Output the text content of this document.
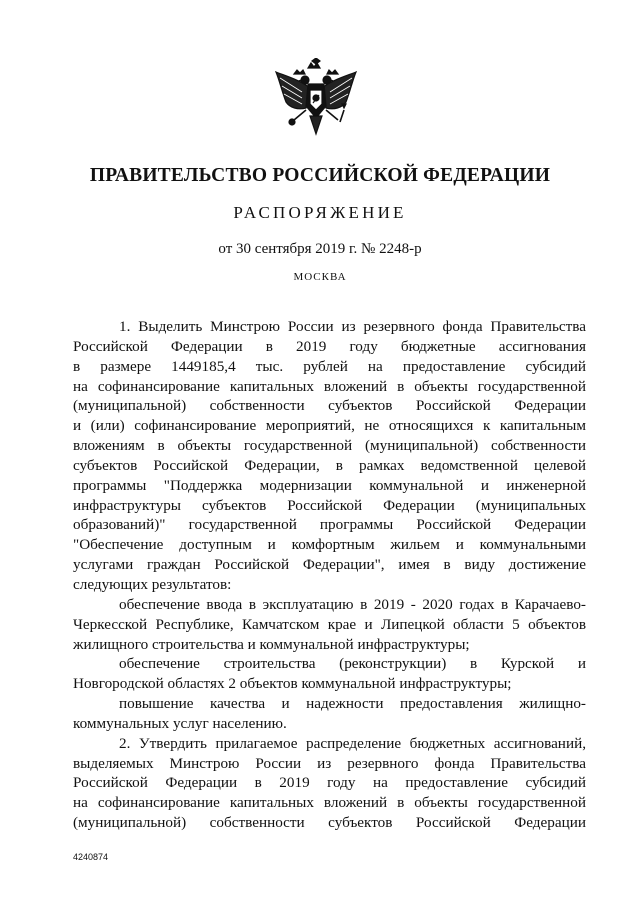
ПРАВИТЕЛЬСТВО РОССИЙСКОЙ ФЕДЕРАЦИИ
РАСПОРЯЖЕНИЕ
от 30 сентября 2019 г. № 2248-р
МОСКВА
1. Выделить Минстрою России из резервного фонда Правительства
Российской Федерации в 2019 году бюджетные ассигнования
в размере 1449185,4 тыс. рублей на предоставление субсидий
на софинансирование капитальных вложений в объекты государственной
(муниципальной) собственности субъектов Российской Федерации
и (или) софинансирование мероприятий, не относящихся к капитальным
вложениям в объекты государственной (муниципальной) собственности
субъектов Российской Федерации, в рамках ведомственной целевой
программы "Поддержка модернизации коммунальной и инженерной
инфраструктуры субъектов Российской Федерации (муниципальных
образований)" государственной программы Российской Федерации
"Обеспечение доступным и комфортным жильем и коммунальными
услугами граждан Российской Федерации", имея в виду достижение
следующих результатов:
обеспечение ввода в эксплуатацию в 2019 - 2020 годах в Карачаево-
Черкесской Республике, Камчатском крае и Липецкой области 5 объектов
жилищного строительства и коммунальной инфраструктуры;
обеспечение строительства (реконструкции) в Курской и
Новгородской областях 2 объектов коммунальной инфраструктуры;
повышение качества и надежности предоставления жилищно-
коммунальных услуг населению.
2. Утвердить прилагаемое распределение бюджетных ассигнований,
выделяемых Минстрою России из резервного фонда Правительства
Российской Федерации в 2019 году на предоставление субсидий
на софинансирование капитальных вложений в объекты государственной
(муниципальной) собственности субъектов Российской Федерации
4240874
